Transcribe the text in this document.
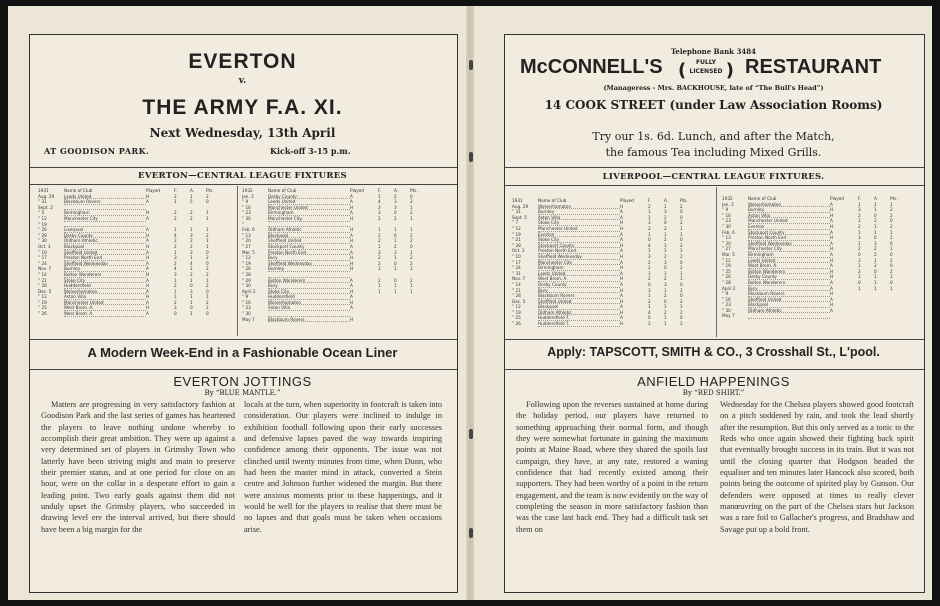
EVERTON
v.
THE ARMY F.A. XI.
Next Wednesday, 13th April
AT GOODISON PARK.	Kick-off 3-15 p.m.
EVERTON—CENTRAL LEAGUE FIXTURES
1931	Name of Club	Played	F.	A.	Pts.
Aug. 29	Leeds United	H	2	1	2
” 31	Blackburn Rovers	A	1	5	0
Sept. 2
” 5	Birmingham	H	2	2	1
” 12	Manchester City	A	2	2	1
” 19
” 26	Liverpool	A	1	1	1
” 28	Derby County	H	4	3	2
” 30	Oldham Athletic	A	2	2	1
Oct. 3	Blackpool	H	2	2	1
” 10	Sheffield United	A	1	3	0
” 17	Preston North End	H	3	1	2
” 24	Sheffield Wednesday	A	2	4	0
Nov. 7	Burnley	A	4	1	2
” 14	Bolton Wanderers	H	3	2	2
” 21	Stoke City	A	1	1	1
” 28	Huddersfield	H	2	0	2
Dec. 5	Wolverhampton	A	1	3	0
” 12	Aston Villa	H	1	1	1
” 19	Manchester United	A	2	1	2
” 25	West Brom. A.	H	3	0	2
” 26	West Brom. A.	A	0	1	0
1932	Name of Club	Played	F.	A.	Pts.
Jan. 2	Derby County	A	1	2	0
” 9	Leeds United	A	4	3	2
” 16	Manchester United	H	3	3	1
” 23	Birmingham	A	3	0	2
” 30	Manchester City	H	2	2	1
”
Feb. 6	Oldham Athletic	H	1	1	1
” 13	Blackpool	A	2	0	2
” 20	Sheffield United	H	2	1	2
” 27	Stockport County	A	1	2	0
Mar. 5	Preston North End	A	3	3	1
” 12	Bury	H	2	1	2
” 19	Sheffield Wednesday	H	2	0	2
” 26	Burnley	H	1	1	1
” 28
” 29	Bolton Wanderers	A	2	0	2
” 30	Bury	A	1	1	1
April 2	Stoke City	H	1	1	1
” 9	Huddersfield	A
” 16	Wolverhampton	H
” 23	Aston Villa	A
” 30
May 7	Blackburn Rovers	H
A Modern Week-End in a Fashionable Ocean Liner
EVERTON JOTTINGS
By “BLUE MANTLE.”
Matters are progressing in very satisfactory fashion at Goodison Park and the last series of games has heartened the players to leave nothing undone whereby to accomplish their great ambition. They were up against a very determined set of players in Grimsby Town who latterly have been striving might and main to preserve their premier status, and at one period for close on an hour, were on the collar in a desperate effort to gain a leading point. Two early goals against them did not unduly upset the Grimsby players, who succeeded in drawing level ere the interval arrived, but there should have been a big margin for the
locals at the turn, when superiority in footcraft is taken into consideration. Our players were inclined to indulge in exhibition football following upon their early successes and defensive lapses paved the way towards inspiring confidence among their opponents. The issue was not clinched until twenty minutes from time, when Dunn, who had been the master mind in attack, converted a Stein centre and Johnson further widened the margin. But there were anxious moments prior to these happenings, and it would be well for the players to realise that there must be no lapses and that goals must be taken when occasions arise.
Telephone Bank 3484
McCONNELL'S (	FULLY
LICENSED ) RESTAURANT
(Manageress - Mrs. BACKHOUSE, late of “The Bull's Head”)
14 COOK STREET (under Law Association Rooms)
Try our 1s. 6d. Lunch, and after the Match,
the famous Tea including Mixed Grills.
LIVERPOOL—CENTRAL LEAGUE FIXTURES.
1931	Name of Club	Played	F.	A.	Pts.
Aug. 29	Wolverhampton	H	2	1	2
” 31	Burnley	A	1	3	0
Sept. 5	Aston Villa	A	1	2	0
” 7	Stoke City	H	3	0	2
” 12	Manchester United	H	2	2	1
” 19	Everton	A	1	1	1
” 21	Stoke City	A	0	2	0
” 28	Stockport County	H	4	1	2
Oct. 3	Preston North End	A	1	1	1
” 10	Sheffield Wednesday	H	3	2	2
” 17	Manchester City	A	2	3	0
” 24	Birmingham	H	2	0	2
” 31	Leeds United	A	1	1	1
Nov. 7	West Brom. A.	H	2	2	1
” 14	Derby County	A	0	3	0
” 21	Bury	H	3	1	2
” 28	Blackburn Rovers	A	1	2	0
Dec. 5	Sheffield United	H	2	0	2
” 12	Blackpool	A	1	1	1
” 19	Oldham Athletic	H	4	2	2
” 25	Huddersfield T.	A	0	1	0
” 26	Huddersfield T.	H	2	1	2
1932	Name of Club	Played	F.	A.	Pts.
Jan. 2	Wolverhampton	A	1	1	1
” 9	Burnley	H	3	1	2
” 16	Aston Villa	H	2	0	2
” 23	Manchester United	A	1	2	0
” 30	Everton	H	2	1	2
Feb. 6	Stockport County	A	1	1	1
” 13	Preston North End	H	3	0	2
” 20	Sheffield Wednesday	A	1	3	0
” 27	Manchester City	H	2	2	1
Mar. 5	Birmingham	A	0	2	0
” 12	Leeds United	H	3	1	2
” 19	West Brom. A.	A	1	2	0
” 25	Bolton Wanderers	H	2	0	2
” 26	Derby County	H	1	1	1
” 28	Bolton Wanderers	A	0	1	0
April 2	Bury	A	1	1	1
” 9	Blackburn Rovers	H
” 16	Sheffield United	A
” 23	Blackpool	H
” 30	Oldham Athletic	A
May 7
Apply: TAPSCOTT, SMITH & CO., 3 Crosshall St., L'pool.
ANFIELD HAPPENINGS
By “RED SHIRT.”
Following upon the reverses sustained at home during the holiday period, our players have returned to something approaching their normal form, and though they were somewhat fortunate in gaining the maximum points at Maine Road, where they shared the spoils last campaign, they have, at any rate, restored a waning confidence that had recently existed among their supporters. They had been worthy of a point in the return engagement, and the team is now evidently on the way of completing the season in more satisfactory fashion than was the case last back end. They had a difficult task set them on
Wednesday for the Chelsea players showed good footcraft on a pitch soddened by rain, and took the lead shortly after the resumption. But this only served as a tonic to the Reds who once again showed their fighting back spirit that eventually brought success in its train. But it was not until the closing quarter that Hodgson headed the equaliser and ten minutes later Hancock also scored, both points being the outcome of spirited play by Gunson. Our defenders were opposed at times to really clever manœuvring on the part of the Chelsea stars but Jackson was a rare foil to Gallacher's progress, and Bradshaw and Savage put up a bold front.
